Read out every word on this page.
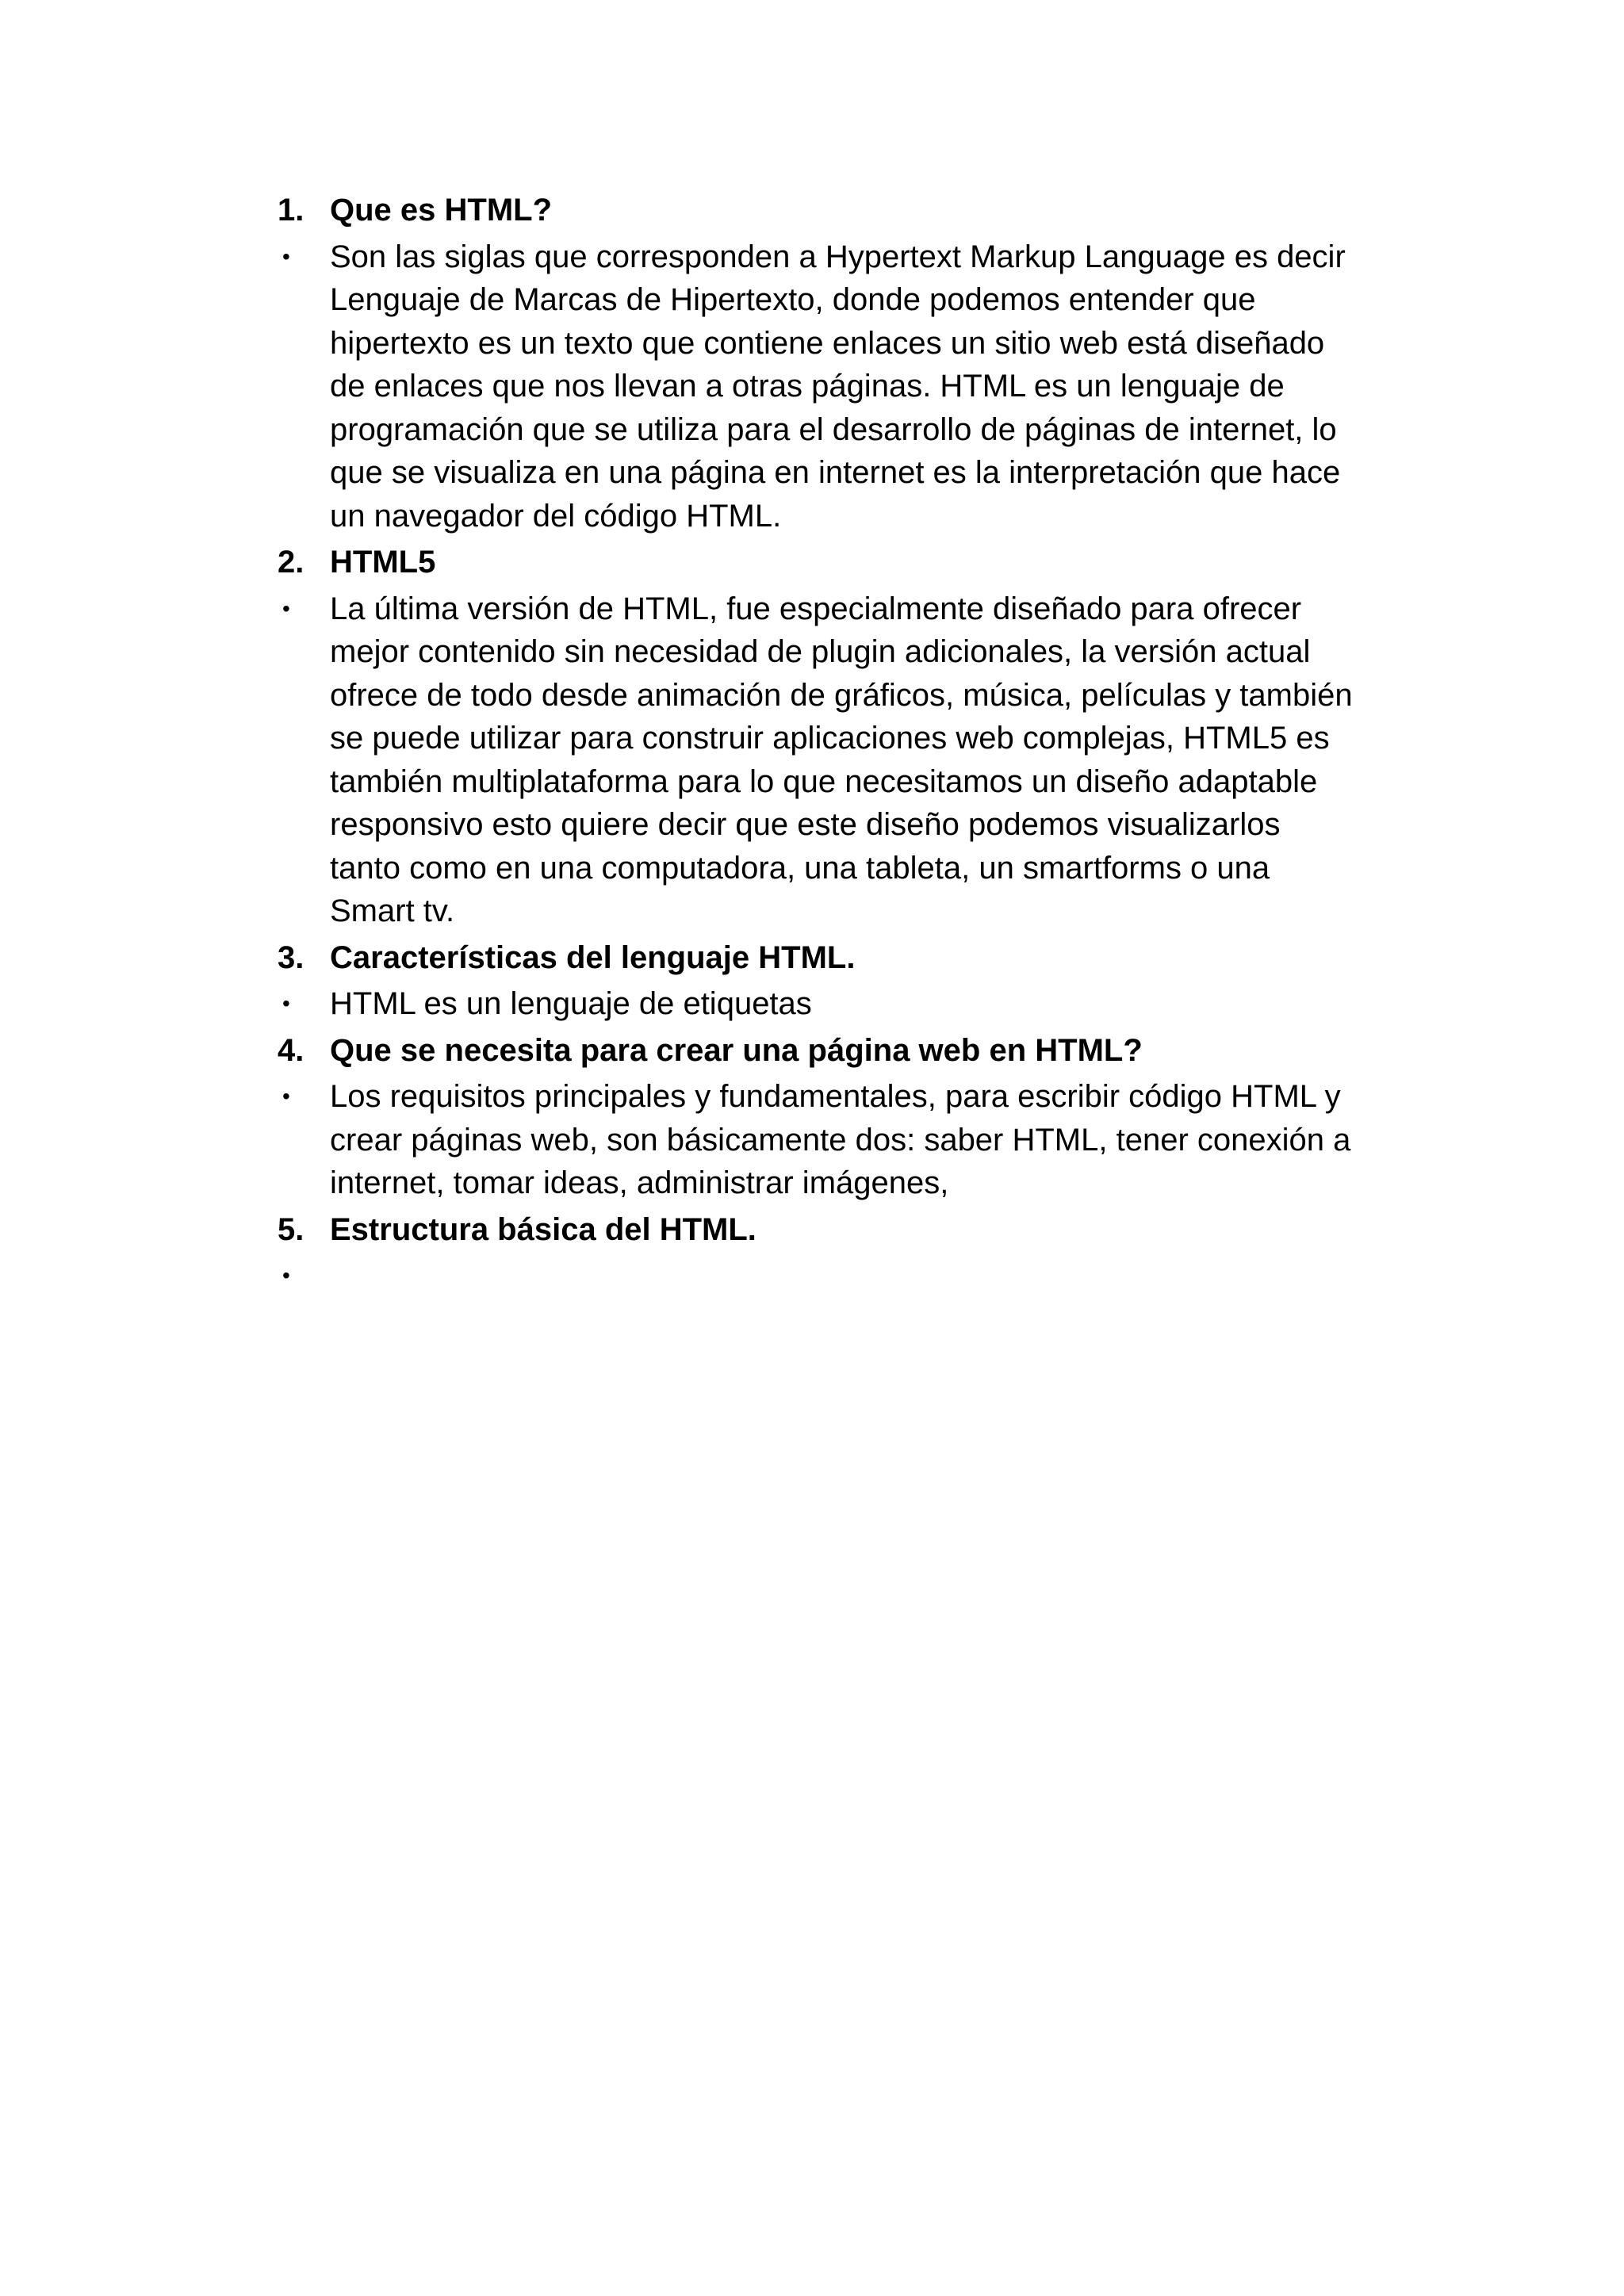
1. Que es HTML?
•	Son las siglas que corresponden a Hypertext Markup Language es decir
Lenguaje de Marcas de Hipertexto, donde podemos entender que
hipertexto es un texto que contiene enlaces un sitio web está diseñado
de enlaces que nos llevan a otras páginas. HTML es un lenguaje de
programación que se utiliza para el desarrollo de páginas de internet, lo
que se visualiza en una página en internet es la interpretación que hace
un navegador del código HTML.
2. HTML5
•	La última versión de HTML, fue especialmente diseñado para ofrecer
mejor contenido sin necesidad de plugin adicionales, la versión actual
ofrece de todo desde animación de gráficos, música, películas y también
se puede utilizar para construir aplicaciones web complejas, HTML5 es
también multiplataforma para lo que necesitamos un diseño adaptable
responsivo esto quiere decir que este diseño podemos visualizarlos
tanto como en una computadora, una tableta, un smartforms o una
Smart tv.
3. Características del lenguaje HTML.
•	HTML es un lenguaje de etiquetas
4. Que se necesita para crear una página web en HTML?
•	Los requisitos principales y fundamentales, para escribir código HTML y
crear páginas web, son básicamente dos: saber HTML, tener conexión a
internet, tomar ideas, administrar imágenes,
5. Estructura básica del HTML.
•
